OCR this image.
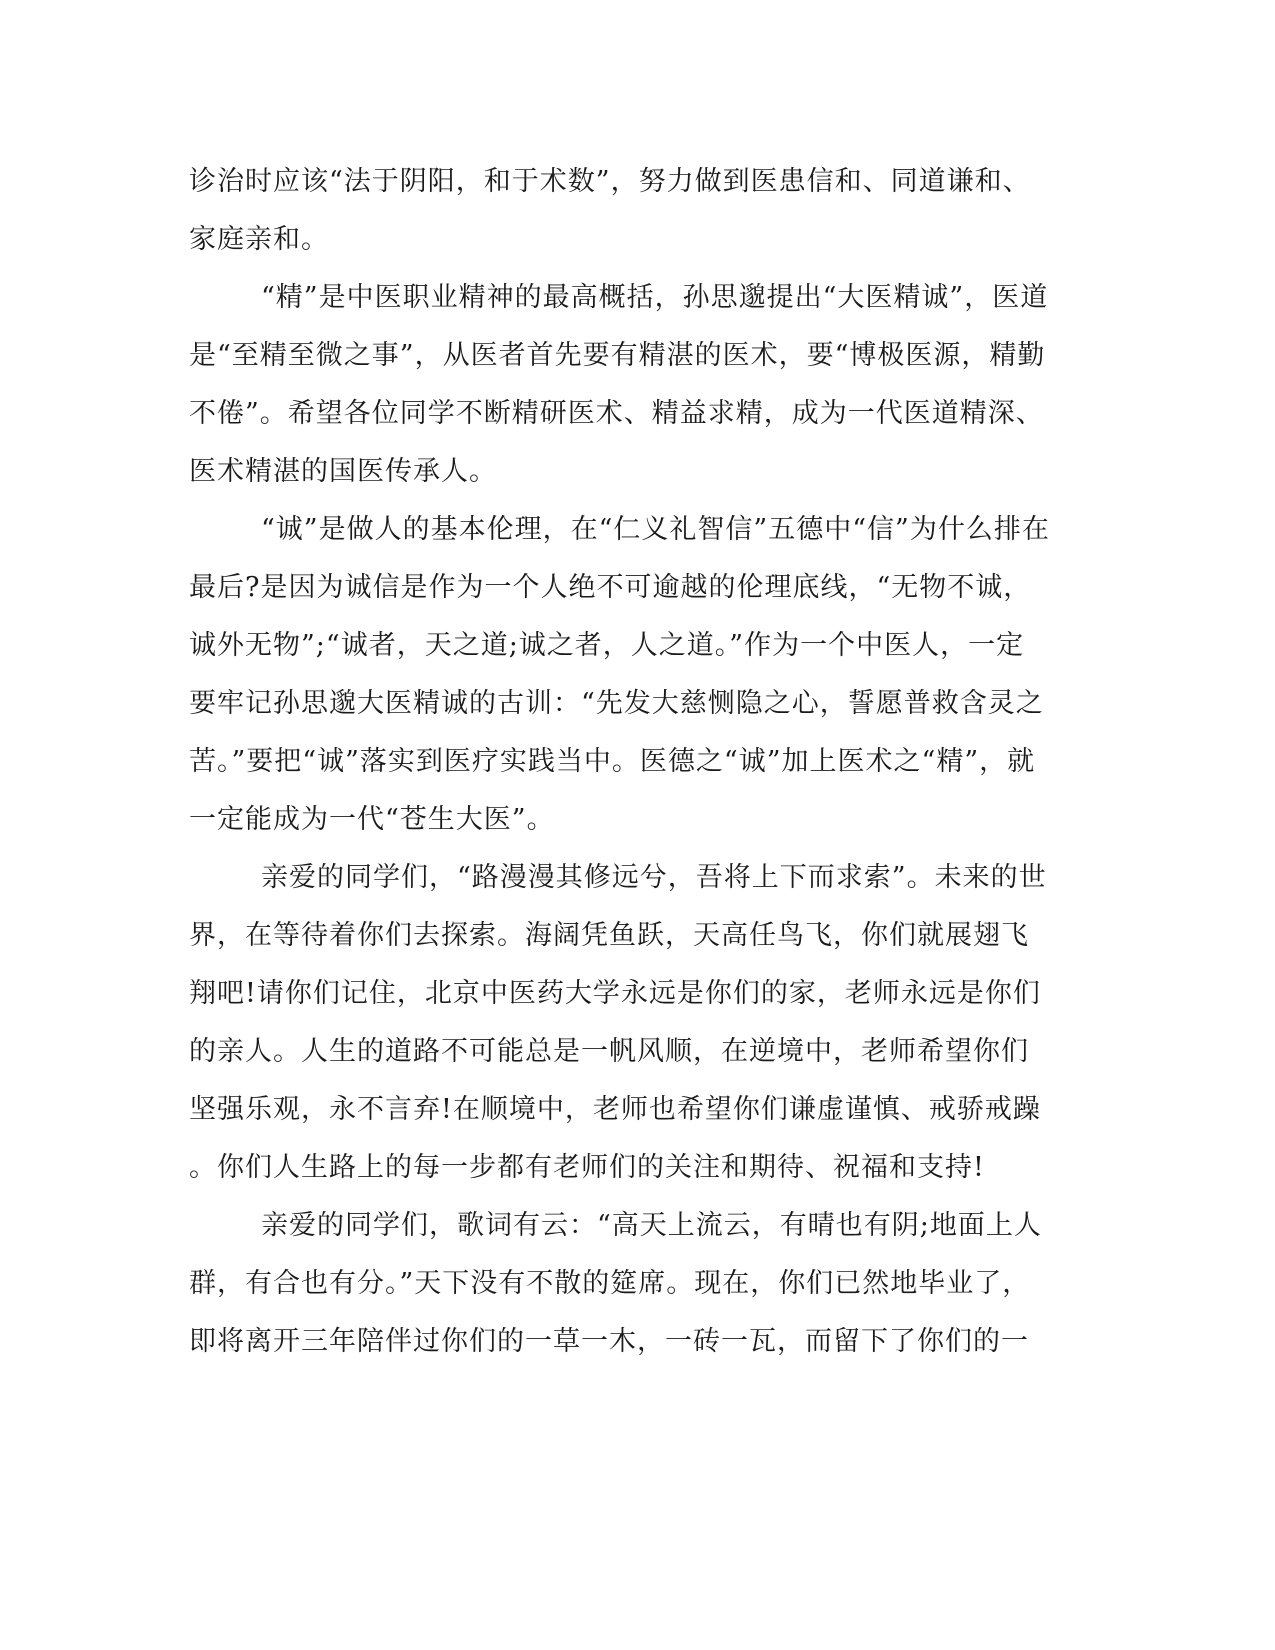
诊治时应该“法于阴阳，和于术数”，努力做到医患信和、同道谦和、
家庭亲和。
“精”是中医职业精神的最高概括，孙思邈提出“大医精诚”，医道
是“至精至微之事”，从医者首先要有精湛的医术，要“博极医源，精勤
不倦”。希望各位同学不断精研医术、精益求精，成为一代医道精深、
医术精湛的国医传承人。
“诚”是做人的基本伦理，在“仁义礼智信”五德中“信”为什么排在
最后?是因为诚信是作为一个人绝不可逾越的伦理底线，“无物不诚，
诚外无物”;“诚者，天之道;诚之者，人之道。”作为一个中医人，一定
要牢记孙思邈大医精诚的古训：“先发大慈恻隐之心，誓愿普救含灵之
苦。”要把“诚”落实到医疗实践当中。医德之“诚”加上医术之“精”，就
一定能成为一代“苍生大医”。
亲爱的同学们，“路漫漫其修远兮，吾将上下而求索”。未来的世
界，在等待着你们去探索。海阔凭鱼跃，天高任鸟飞，你们就展翅飞
翔吧!请你们记住，北京中医药大学永远是你们的家，老师永远是你们
的亲人。人生的道路不可能总是一帆风顺，在逆境中，老师希望你们
坚强乐观，永不言弃!在顺境中，老师也希望你们谦虚谨慎、戒骄戒躁
。你们人生路上的每一步都有老师们的关注和期待、祝福和支持!
亲爱的同学们，歌词有云：“高天上流云，有晴也有阴;地面上人
群，有合也有分。”天下没有不散的筵席。现在，你们已然地毕业了，
即将离开三年陪伴过你们的一草一木，一砖一瓦，而留下了你们的一
